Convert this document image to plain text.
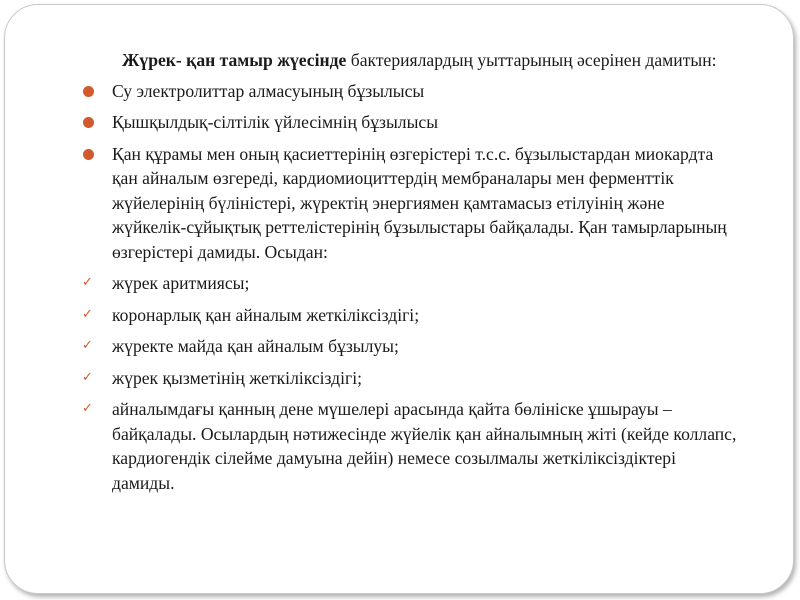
Жүрек- қан тамыр жүесінде бактериялардың уыттарының әсерінен дамитын:

Су электролиттар алмасуының бұзылысы
Қышқылдық-сілтілік үйлесімнің бұзылысы
Қан құрамы мен оның қасиеттерінің өзгерістері т.с.с. бұзылыстардан миокардта қан айналым өзгереді, кардиомиоциттердің мембраналары мен ферменттік жүйелерінің бүліністері, жүректің энергиямен қамтамасыз етілуінің және жүйкелік-сұйықтық реттелістерінің бұзылыстары байқалады. Қан тамырларының өзгерістері дамиды. Осыдан:
✓ жүрек аритмиясы;
✓ коронарлық қан айналым жеткіліксіздігі;
✓ жүректе майда қан айналым бұзылуы;
✓ жүрек қызметінің жеткіліксіздігі;
✓ айналымдағы қанның дене мүшелері арасында қайта бөлініске ұшырауы – байқалады. Осылардың нәтижесінде жүйелік қан айналымның жіті (кейде коллапс, кардиогендік сілейме дамуына дейін) немесе созылмалы жеткіліксіздіктері дамиды.
